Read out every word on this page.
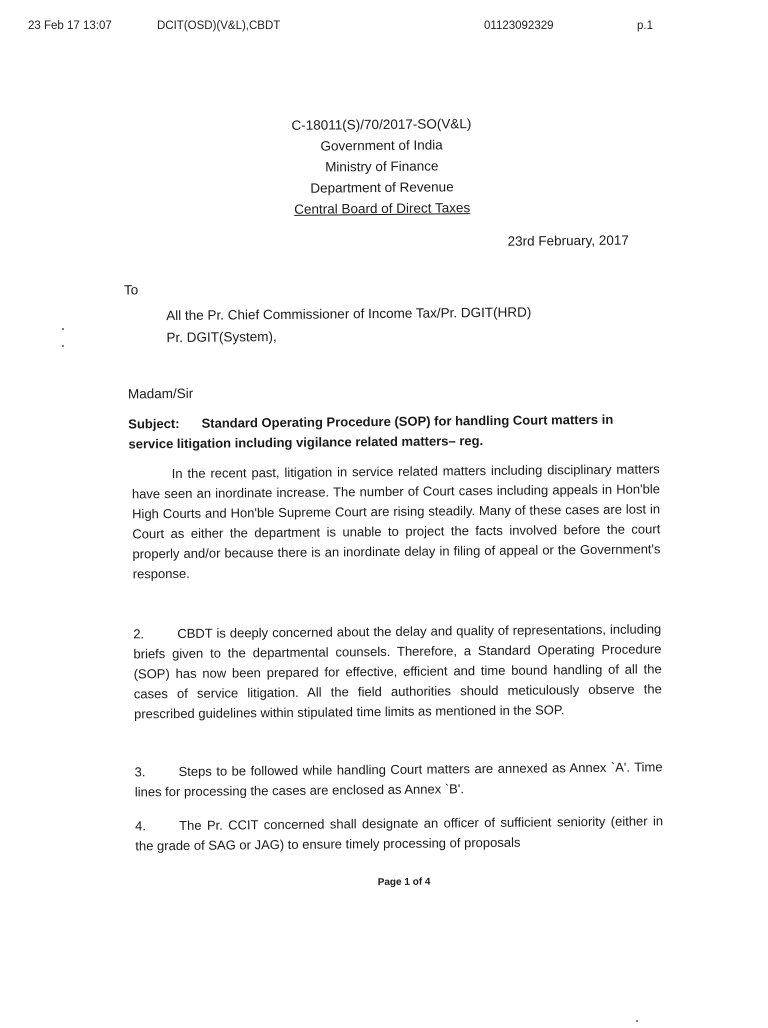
23 Feb 17 13:07	DCIT(OSD)(V&L),CBDT	01123092329	p.1
C-18011(S)/70/2017-SO(V&L)
Government of India
Ministry of Finance
Department of Revenue
Central Board of Direct Taxes
23rd February, 2017
To
All the Pr. Chief Commissioner of Income Tax/Pr. DGIT(HRD)
Pr. DGIT(System),
Madam/Sir
Subject: Standard Operating Procedure (SOP) for handling Court matters in service litigation including vigilance related matters– reg.
In the recent past, litigation in service related matters including disciplinary matters have seen an inordinate increase. The number of Court cases including appeals in Hon'ble High Courts and Hon'ble Supreme Court are rising steadily. Many of these cases are lost in Court as either the department is unable to project the facts involved before the court properly and/or because there is an inordinate delay in filing of appeal or the Government's response.
2.	CBDT is deeply concerned about the delay and quality of representations, including briefs given to the departmental counsels. Therefore, a Standard Operating Procedure (SOP) has now been prepared for effective, efficient and time bound handling of all the cases of service litigation. All the field authorities should meticulously observe the prescribed guidelines within stipulated time limits as mentioned in the SOP.
3.	Steps to be followed while handling Court matters are annexed as Annex `A'. Time lines for processing the cases are enclosed as Annex `B'.
4.	The Pr. CCIT concerned shall designate an officer of sufficient seniority (either in the grade of SAG or JAG) to ensure timely processing of proposals
Page 1 of 4
